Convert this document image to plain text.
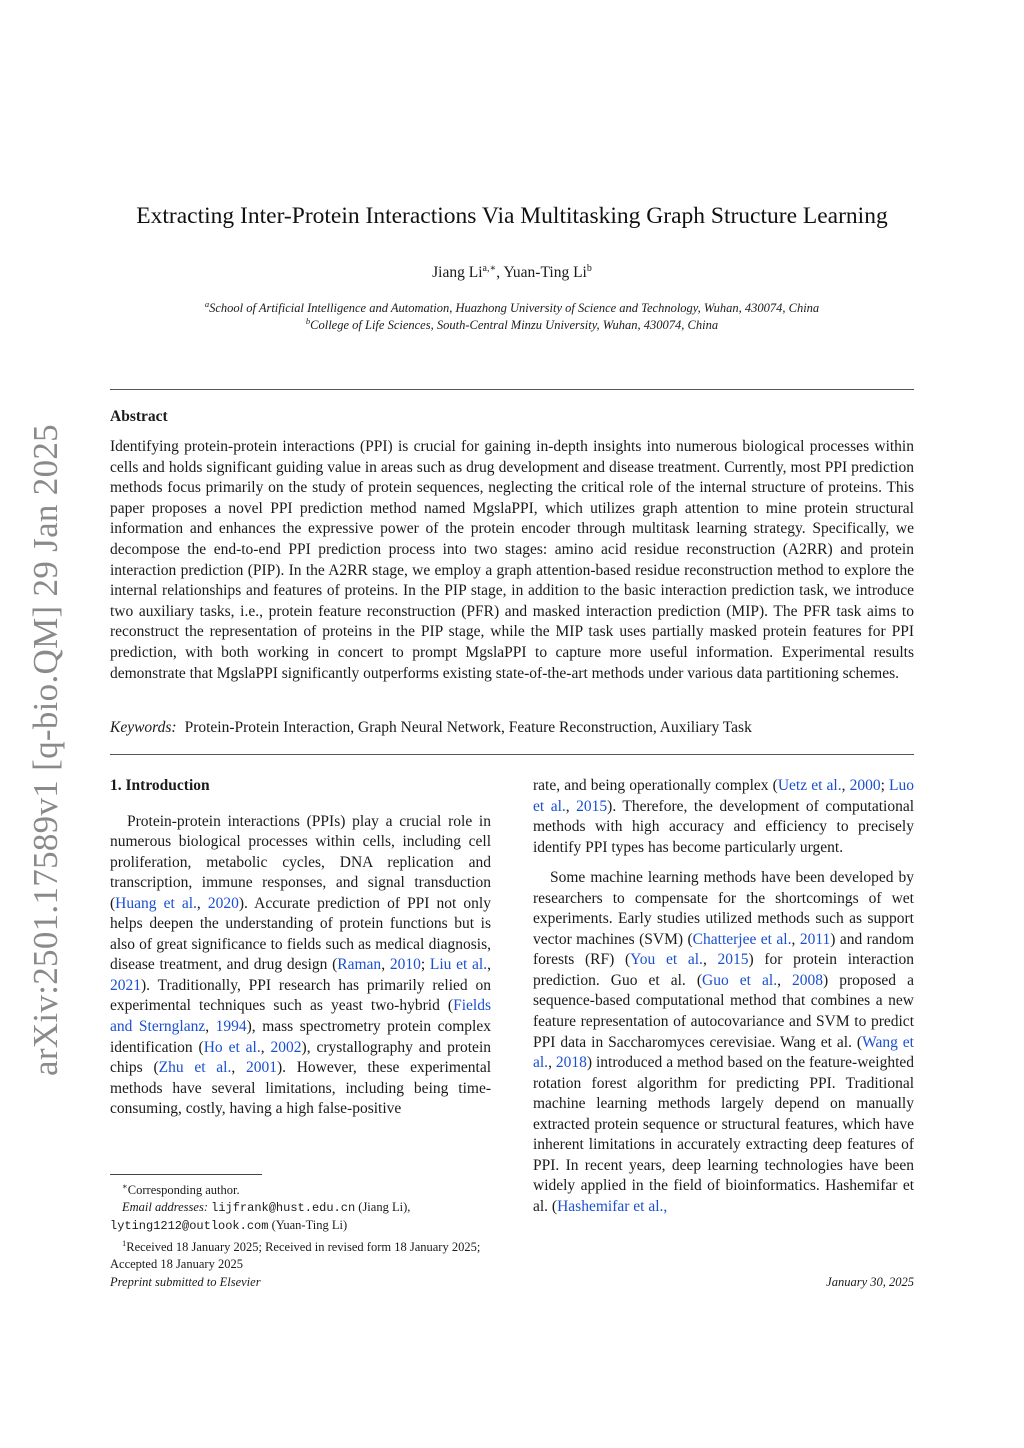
arXiv:2501.17589v1 [q-bio.QM] 29 Jan 2025
Extracting Inter-Protein Interactions Via Multitasking Graph Structure Learning
Jiang $Li^{a,∗}$, Yuan-Ting Li$^b$
$^a$School of Artificial Intelligence and Automation, Huazhong University of Science and Technology, Wuhan, 430074, China
$^b$College of Life Sciences, South-Central Minzu University, Wuhan, 430074, China
Abstract

Identifying protein-protein interactions (PPI) is crucial for gaining in-depth insights into numerous biological processes within cells and holds significant guiding value in areas such as drug development and disease treatment. Currently, most PPI prediction methods focus primarily on the study of protein sequences, neglecting the critical role of the internal structure of proteins. This paper proposes a novel PPI prediction method named MgslaPPI, which utilizes graph attention to mine protein structural information and enhances the expressive power of the protein encoder through multitask learning strategy. Specifically, we decompose the end-to-end PPI prediction process into two stages: amino acid residue reconstruction (A2RR) and protein interaction prediction (PIP). In the A2RR stage, we employ a graph attention-based residue reconstruction method to explore the internal relationships and features of proteins. In the PIP stage, in addition to the basic interaction prediction task, we introduce two auxiliary tasks, i.e., protein feature reconstruction (PFR) and masked interaction prediction (MIP). The PFR task aims to reconstruct the representation of proteins in the PIP stage, while the MIP task uses partially masked protein features for PPI prediction, with both working in concert to prompt MgslaPPI to capture more useful information. Experimental results demonstrate that MgslaPPI significantly outperforms existing state-of-the-art methods under various data partitioning schemes.

Keywords: Protein-Protein Interaction, Graph Neural Network, Feature Reconstruction, Auxiliary Task
1. Introduction

Protein-protein interactions (PPIs) play a crucial role in numerous biological processes within cells, including cell proliferation, metabolic cycles, DNA replication and transcription, immune responses, and signal transduction (Huang et al., 2020). Accurate prediction of PPI not only helps deepen the understanding of protein functions but is also of great significance to fields such as medical diagnosis, disease treatment, and drug design (Raman, 2010; Liu et al., 2021). Traditionally, PPI research has primarily relied on experimental techniques such as yeast two-hybrid (Fields and Sternglanz, 1994), mass spectrometry protein complex identification (Ho et al., 2002), crystallography and protein chips (Zhu et al., 2001). However, these experimental methods have several limitations, including being time-consuming, costly, having a high false-positive

rate, and being operationally complex (Uetz et al., 2000; Luo et al., 2015). Therefore, the development of computational methods with high accuracy and efficiency to precisely identify PPI types has become particularly urgent.

Some machine learning methods have been developed by researchers to compensate for the shortcomings of wet experiments. Early studies utilized methods such as support vector machines (SVM) (Chatterjee et al., 2011) and random forests (RF) (You et al., 2015) for protein interaction prediction. Guo et al. (Guo et al., 2008) proposed a sequence-based computational method that combines a new feature representation of autocovariance and SVM to predict PPI data in Saccharomyces cerevisiae. Wang et al. (Wang et al., 2018) introduced a method based on the feature-weighted rotation forest algorithm for predicting PPI. Traditional machine learning methods largely depend on manually extracted protein sequence or structural features, which have inherent limitations in accurately extracting deep features of PPI. In recent years, deep learning technologies have been widely applied in the field of bioinformatics. Hashemifar et al. (Hashemifar et al.,

∗Corresponding author.
Email addresses: lijfrank@hust.edu.cn (Jiang Li),
lyting1212@outlook.com (Yuan-Ting Li)
$^1$Received 18 January 2025; Received in revised form 18 January 2025; Accepted 18 January 2025
Preprint submitted to Elsevier	January 30, 2025
